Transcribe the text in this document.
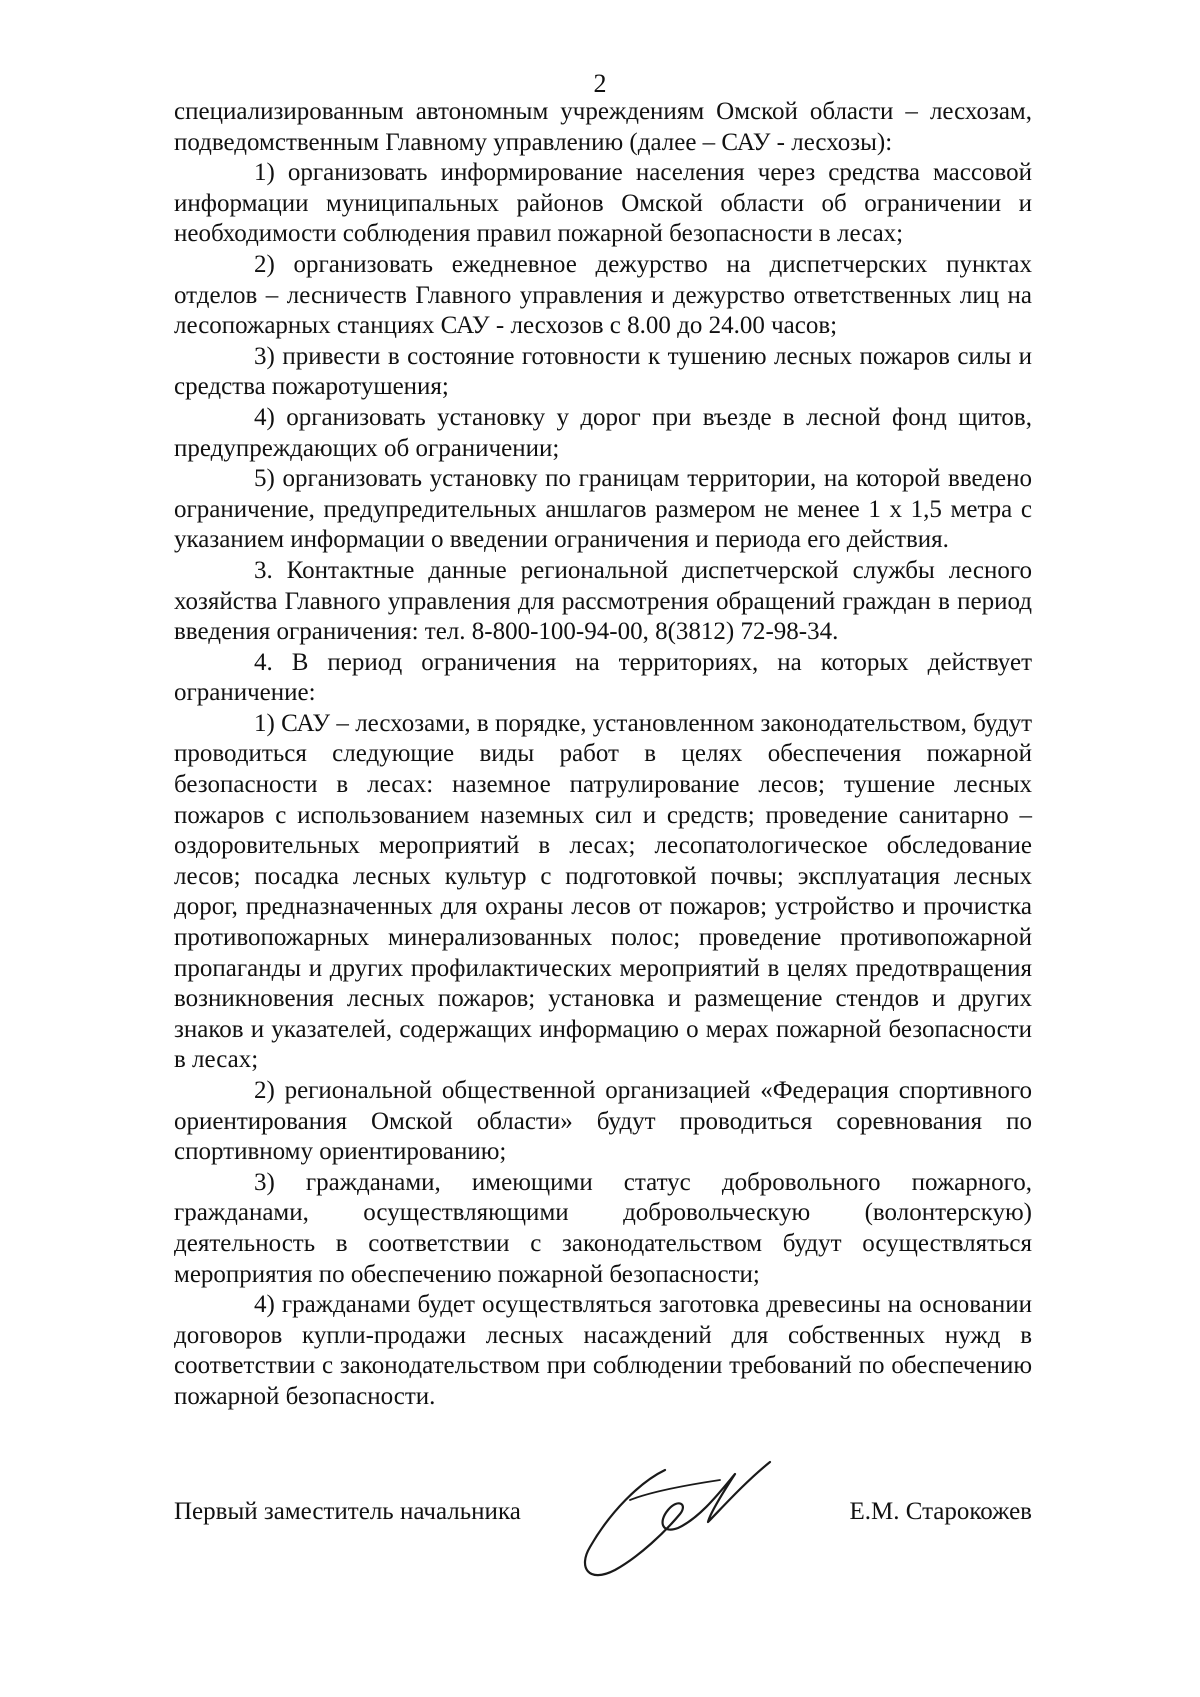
2

специализированным автономным учреждениям Омской области – лесхозам, подведомственным Главному управлению (далее – САУ - лесхозы):

1) организовать информирование населения через средства массовой информации муниципальных районов Омской области об ограничении и необходимости соблюдения правил пожарной безопасности в лесах;

2) организовать ежедневное дежурство на диспетчерских пунктах отделов – лесничеств Главного управления и дежурство ответственных лиц на лесопожарных станциях САУ - лесхозов с 8.00 до 24.00 часов;

3) привести в состояние готовности к тушению лесных пожаров силы и средства пожаротушения;

4) организовать установку у дорог при въезде в лесной фонд щитов, предупреждающих об ограничении;

5) организовать установку по границам территории, на которой введено ограничение, предупредительных аншлагов размером не менее 1 х 1,5 метра с указанием информации о введении ограничения и периода его действия.

3. Контактные данные региональной диспетчерской службы лесного хозяйства Главного управления для рассмотрения обращений граждан в период введения ограничения: тел. 8-800-100-94-00, 8(3812) 72-98-34.

4. В период ограничения на территориях, на которых действует ограничение:

1) САУ – лесхозами, в порядке, установленном законодательством, будут проводиться следующие виды работ в целях обеспечения пожарной безопасности в лесах: наземное патрулирование лесов; тушение лесных пожаров с использованием наземных сил и средств; проведение санитарно – оздоровительных мероприятий в лесах; лесопатологическое обследование лесов; посадка лесных культур с подготовкой почвы; эксплуатация лесных дорог, предназначенных для охраны лесов от пожаров; устройство и прочистка противопожарных минерализованных полос; проведение противопожарной пропаганды и других профилактических мероприятий в целях предотвращения возникновения лесных пожаров; установка и размещение стендов и других знаков и указателей, содержащих информацию о мерах пожарной безопасности в лесах;

2) региональной общественной организацией «Федерация спортивного ориентирования Омской области» будут проводиться соревнования по спортивному ориентированию;

3) гражданами, имеющими статус добровольного пожарного, гражданами, осуществляющими добровольческую (волонтерскую) деятельность в соответствии с законодательством будут осуществляться мероприятия по обеспечению пожарной безопасности;

4) гражданами будет осуществляться заготовка древесины на основании договоров купли-продажи лесных насаждений для собственных нужд в соответствии с законодательством при соблюдении требований по обеспечению пожарной безопасности.

Первый заместитель начальника	Е.М. Старокожев
